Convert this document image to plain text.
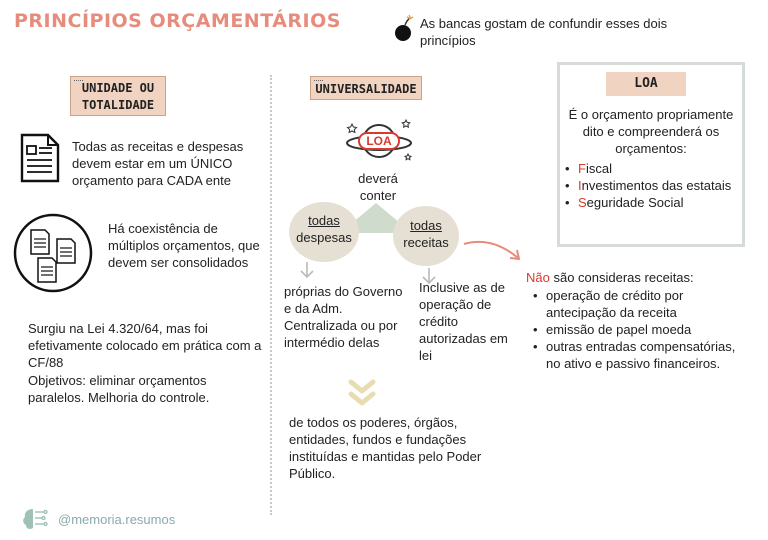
PRINCÍPIOS ORÇAMENTÁRIOS	As bancas gostam de confundir esses dois princípios
UNIDADE OU
TOTALIDADE
Todas as receitas e despesas devem estar em um ÚNICO orçamento para CADA ente
Há coexistência de múltiplos orçamentos, que devem ser consolidados
Surgiu na Lei 4.320/64, mas foi efetivamente colocado em prática com a CF/88
Objetivos: eliminar orçamentos paralelos. Melhoria do controle.
UNIVERSALIDADE
LOA
deverá
conter
todas
despesas
todas
receitas
próprias do Governo e da Adm. Centralizada ou por intermédio delas
Inclusive as de operação de crédito autorizadas em lei
de todos os poderes, órgãos, entidades, fundos e fundações instituídas e mantidas pelo Poder Público.
LOA
É o orçamento propriamente dito e compreenderá os orçamentos:
• Fiscal
• Investimentos das estatais
• Seguridade Social
Não são consideras receitas:
• operação de crédito por antecipação da receita
• emissão de papel moeda
• outras entradas compensatórias, no ativo e passivo financeiros.
@memoria.resumos
